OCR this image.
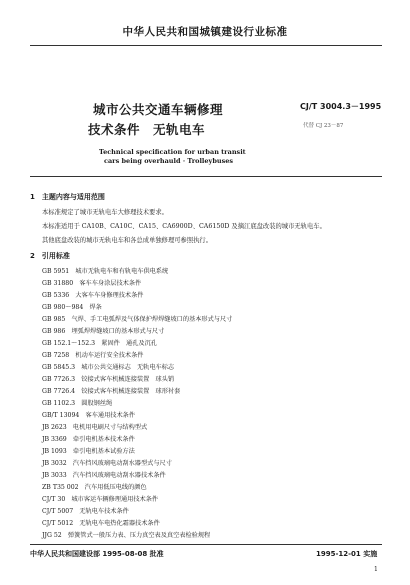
中华人民共和国城镇建设行业标准
城市公共交通车辆修理
技术条件　无轨电车
CJ/T 3004.3－1995
代替 CJ 23－87
Technical specification for urban transit
cars being overhauld · Trolleybuses
1　主题内容与适用范围
本标准规定了城市无轨电车大修理技术要求。
本标准适用于 CA10B、CA10C、CA15、CA6900D、CA6150D 及摘江底盘改装的城市无轨电车。
其他底盘改装的城市无轨电车和各总成单独修理可参照执行。
2　引用标准
GB 5951　城市无轨电车和有轨电车供电系统
GB 31880　客车车身涂层技术条件
GB 5336　大客车车身修理技术条件
GB 980～984　焊条
GB 985　气焊、手工电弧焊及气体保护焊焊缝坡口的基本形式与尺寸
GB 986　埋弧焊焊缝坡口的基本形式与尺寸
GB 152.1～152.3　紧固件　通孔及沉孔
GB 7258　机动车运行安全技术条件
GB 5845.3　城市公共交通标志　无轨电车标志
GB 7726.3　铰接式客车机械连接装置　球头销
GB 7726.4　铰接式客车机械连接装置　球形衬套
GB 1102.3　圆股钢丝绳
GB/T 13094　客车通用技术条件
JB 2623　电机用电刷尺寸与结构型式
JB 3369　牵引电机基本技术条件
JB 1093　牵引电机基本试验方法
JB 3032　汽车挡风玻璃电动刮水器型式与尺寸
JB 3033　汽车挡风玻璃电动刮水器技术条件
ZB T35 002　汽车用低压电线的颜色
CJ/T 30　城市客运车辆修理通用技术条件
CJ/T 5007　无轨电车技术条件
CJ/T 5012　无轨电车电热化霜器技术条件
JJG 52　弹簧管式一般压力表、压力真空表及真空表检验规程
中华人民共和国建设部 1995-08-08 批准	1995-12-01 实施
1
